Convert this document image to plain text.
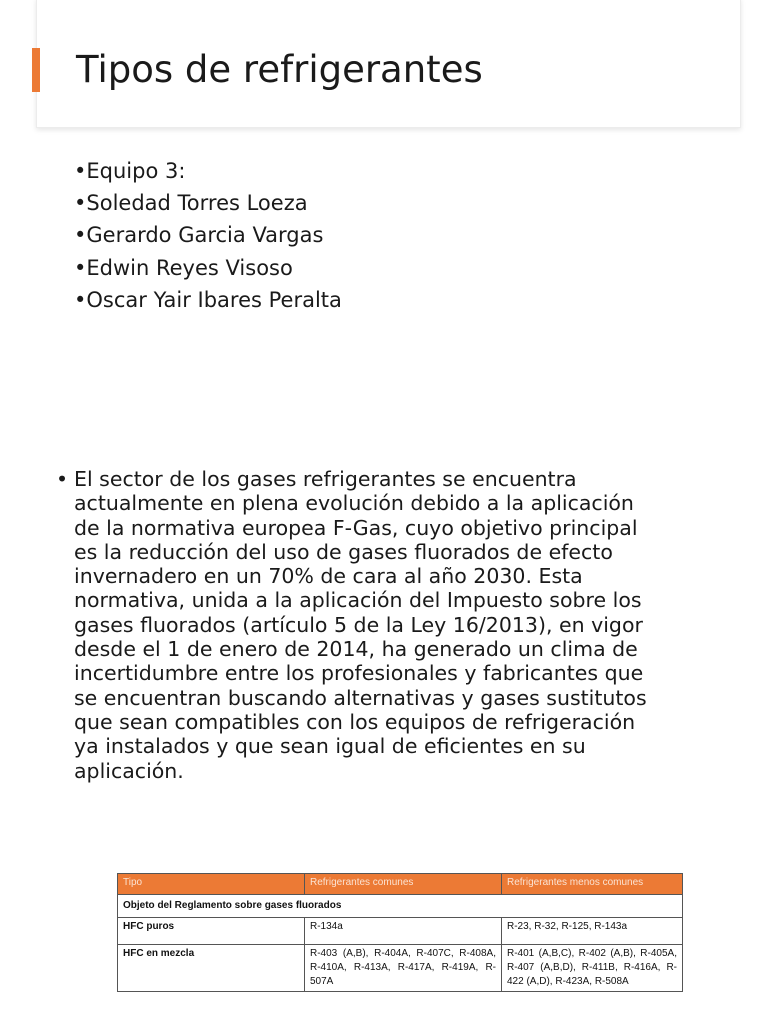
Tipos de refrigerantes
•Equipo 3:
•Soledad Torres Loeza
•Gerardo Garcia Vargas
•Edwin Reyes Visoso
•Oscar Yair Ibares Peralta
• El sector de los gases refrigerantes se encuentra
actualmente en plena evolución debido a la aplicación
de la normativa europea F-Gas, cuyo objetivo principal
es la reducción del uso de gases fluorados de efecto
invernadero en un 70% de cara al año 2030. Esta
normativa, unida a la aplicación del Impuesto sobre los
gases fluorados (artículo 5 de la Ley 16/2013), en vigor
desde el 1 de enero de 2014, ha generado un clima de
incertidumbre entre los profesionales y fabricantes que
se encuentran buscando alternativas y gases sustitutos
que sean compatibles con los equipos de refrigeración
ya instalados y que sean igual de eficientes en su
aplicación.
Tipo	Refrigerantes comunes	Refrigerantes menos comunes
Objeto del Reglamento sobre gases fluorados		
HFC puros	R-134a	R-23, R-32, R-125, R-143a
HFC en mezcla	R-403 (A,B), R-404A, R-407C, R-408A, R-410A, R-413A, R-417A, R-419A, R-507A	R-401 (A,B,C), R-402 (A,B), R-405A, R-407 (A,B,D), R-411B, R-416A, R-422 (A,D), R-423A, R-508A
